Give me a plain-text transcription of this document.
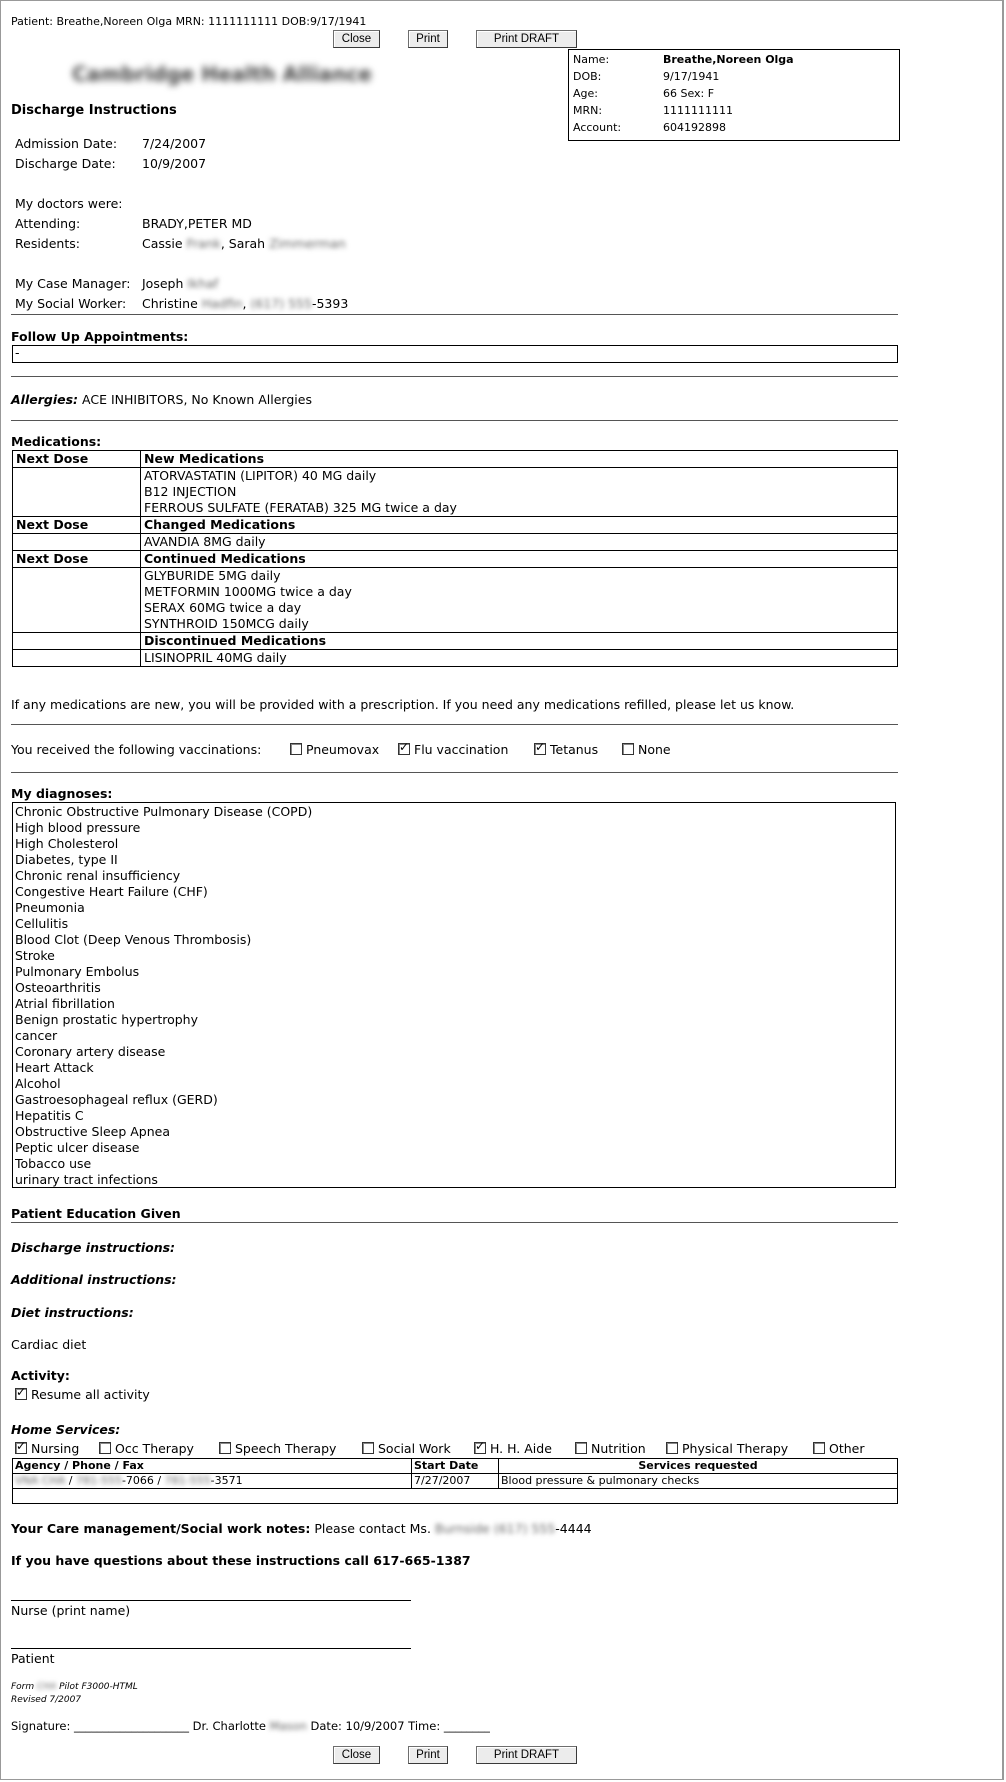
Patient: Breathe,Noreen Olga MRN: 1111111111 DOB:9/17/1941
Close	Print	Print DRAFT
Cambridge Health Alliance
Name:	Breathe,Noreen Olga
DOB:	9/17/1941
Age:	66 Sex: F
MRN:	1111111111
Account:	604192898
Discharge Instructions
Admission Date: 7/24/2007
Discharge Date: 10/9/2007
My doctors were:
Attending:	BRADY,PETER MD
Residents:	Cassie Frank, Sarah Zimmerman
My Case Manager: Joseph Ikhaf
My Social Worker: Christine Hadfin, (617) 555-5393
Follow Up Appointments:
-
Allergies: ACE INHIBITORS, No Known Allergies
Medications:
Next Dose	New Medications

	ATORVASTATIN (LIPITOR) 40 MG daily
B12 INJECTION
FERROUS SULFATE (FERATAB) 325 MG twice a day

Next Dose	Changed Medications

	AVANDIA 8MG daily

Next Dose	Continued Medications

	GLYBURIDE 5MG daily
METFORMIN 1000MG twice a day
SERAX 60MG twice a day
SYNTHROID 150MCG daily

	Discontinued Medications

	LISINOPRIL 40MG daily
If any medications are new, you will be provided with a prescription. If you need any medications refilled, please let us know.
You received the following vaccinations:	Pneumovax ✓	Flu vaccination ✓	Tetanus	None
My diagnoses:
Chronic Obstructive Pulmonary Disease (COPD)
High blood pressure
High Cholesterol
Diabetes, type II
Chronic renal insufficiency
Congestive Heart Failure (CHF)
Pneumonia
Cellulitis
Blood Clot (Deep Venous Thrombosis)
Stroke
Pulmonary Embolus
Osteoarthritis
Atrial fibrillation
Benign prostatic hypertrophy
cancer
Coronary artery disease
Heart Attack
Alcohol
Gastroesophageal reflux (GERD)
Hepatitis C
Obstructive Sleep Apnea
Peptic ulcer disease
Tobacco use
urinary tract infections
Patient Education Given
Discharge instructions:
Additional instructions:
Diet instructions:
Cardiac diet
Activity:
✓Resume all activity
Home Services:
✓Nursing	Occ Therapy	Speech Therapy	Social Work ✓	H. H. Aide	Nutrition	Physical Therapy	Other
Agency / Phone / Fax	Start Date	Services requested
VNA CHA / 781-555-7066 / 781-555-3571	7/27/2007	Blood pressure & pulmonary checks

Your Care management/Social work notes: Please contact Ms. Burnside (617) 555-4444
If you have questions about these instructions call 617-665-1387
Nurse (print name)
Patient
Form CHA Pilot F3000-HTML
Revised 7/2007
Signature: ____________________ Dr. Charlotte Mason Date: 10/9/2007 Time: ________
Close	Print	Print DRAFT
